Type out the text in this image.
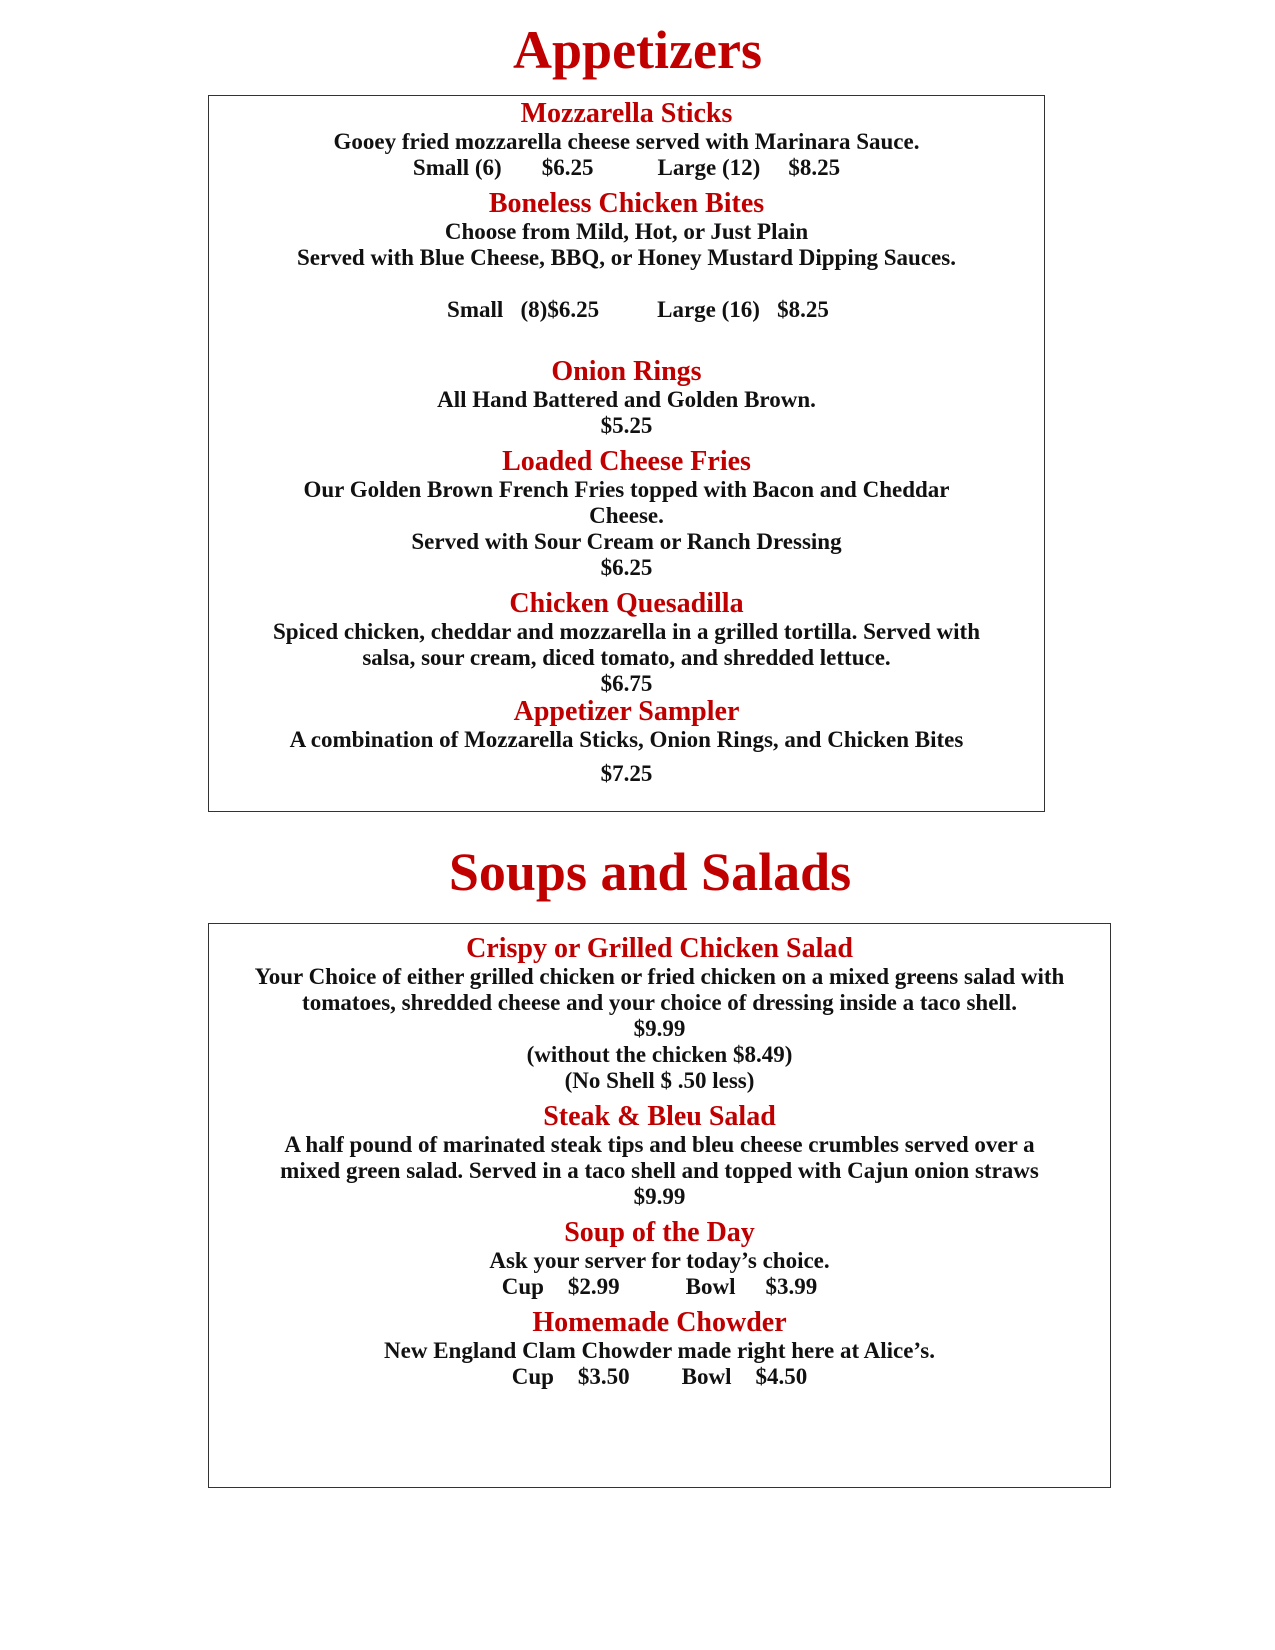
Appetizers
Mozzarella Sticks
Gooey fried mozzarella cheese served with Marinara Sauce.
Small (6) $6.25	Large (12) $8.25
Boneless Chicken Bites
Choose from Mild, Hot, or Just Plain
Served with Blue Cheese, BBQ, or Honey Mustard Dipping Sauces.

Small   (8)$6.25	Large (16)   $8.25

Onion Rings
All Hand Battered and Golden Brown.
$5.25
Loaded Cheese Fries
Our Golden Brown French Fries topped with Bacon and Cheddar
Cheese.
Served with Sour Cream or Ranch Dressing
$6.25
Chicken Quesadilla
Spiced chicken, cheddar and mozzarella in a grilled tortilla. Served with
salsa, sour cream, diced tomato, and shredded lettuce.
$6.75
Appetizer Sampler
A combination of Mozzarella Sticks, Onion Rings, and Chicken Bites
$7.25
Soups and Salads
Crispy or Grilled Chicken Salad
Your Choice of either grilled chicken or fried chicken on a mixed greens salad with
tomatoes, shredded cheese and your choice of dressing inside a taco shell.
$9.99
(without the chicken $8.49)
(No Shell $ .50 less)
Steak & Bleu Salad
A half pound of marinated steak tips and bleu cheese crumbles served over a
mixed green salad. Served in a taco shell and topped with Cajun onion straws
$9.99
Soup of the Day
Ask your server for today’s choice.
Cup $2.99	Bowl $3.99
Homemade Chowder
New England Clam Chowder made right here at Alice’s.
Cup $3.50 Bowl $4.50
